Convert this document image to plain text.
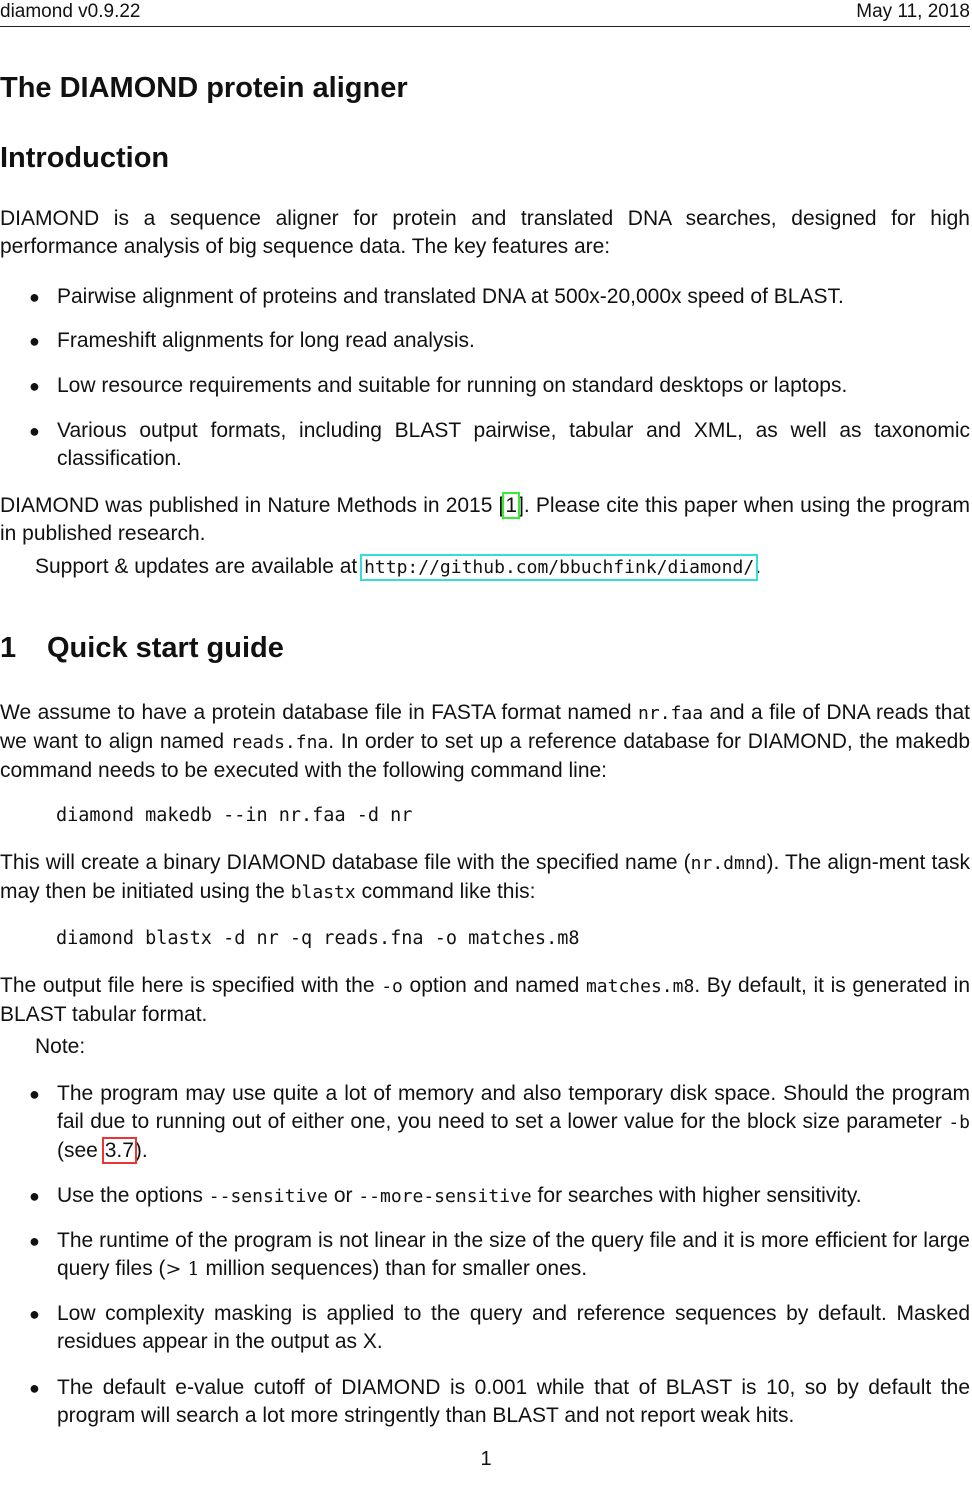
diamond v0.9.22	May 11, 2018
The DIAMOND protein aligner
Introduction

DIAMOND is a sequence aligner for protein and translated DNA searches, designed for high performance analysis of big sequence data. The key features are:

● Pairwise alignment of proteins and translated DNA at 500x-20,000x speed of BLAST.
● Frameshift alignments for long read analysis.
● Low resource requirements and suitable for running on standard desktops or laptops.
● Various output formats, including BLAST pairwise, tabular and XML, as well as taxonomic classification.

DIAMOND was published in Nature Methods in 2015 [1]. Please cite this paper when using the program in published research.

Support & updates are available at http://github.com/bbuchfink/diamond/.

1 Quick start guide

We assume to have a protein database file in FASTA format named nr.faa and a file of DNA reads that we want to align named reads.fna. In order to set up a reference database for DIAMOND, the makedb command needs to be executed with the following command line:

diamond makedb --in nr.faa -d nr

This will create a binary DIAMOND database file with the specified name (nr.dmnd). The align-ment task may then be initiated using the blastx command like this:

diamond blastx -d nr -q reads.fna -o matches.m8

The output file here is specified with the -o option and named matches.m8. By default, it is generated in BLAST tabular format.

Note:

● The program may use quite a lot of memory and also temporary disk space. Should the program fail due to running out of either one, you need to set a lower value for the block size parameter -b (see 3.7).
● Use the options --sensitive or --more-sensitive for searches with higher sensitivity.
● The runtime of the program is not linear in the size of the query file and it is more efficient for large query files (> 1 million sequences) than for smaller ones.
● Low complexity masking is applied to the query and reference sequences by default. Masked residues appear in the output as X.
● The default e-value cutoff of DIAMOND is 0.001 while that of BLAST is 10, so by default the program will search a lot more stringently than BLAST and not report weak hits.
1
